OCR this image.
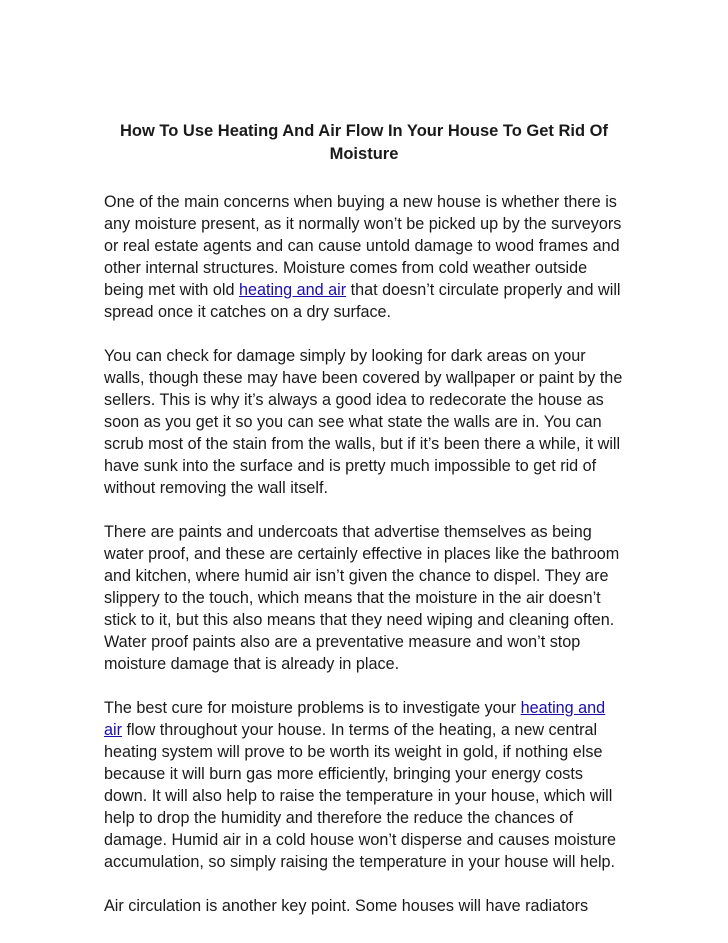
How To Use Heating And Air Flow In Your House To Get Rid Of Moisture

One of the main concerns when buying a new house is whether there is any moisture present, as it normally won’t be picked up by the surveyors or real estate agents and can cause untold damage to wood frames and other internal structures. Moisture comes from cold weather outside being met with old heating and air that doesn’t circulate properly and will spread once it catches on a dry surface.

You can check for damage simply by looking for dark areas on your walls, though these may have been covered by wallpaper or paint by the sellers. This is why it’s always a good idea to redecorate the house as soon as you get it so you can see what state the walls are in. You can scrub most of the stain from the walls, but if it’s been there a while, it will have sunk into the surface and is pretty much impossible to get rid of without removing the wall itself.

There are paints and undercoats that advertise themselves as being water proof, and these are certainly effective in places like the bathroom and kitchen, where humid air isn’t given the chance to dispel. They are slippery to the touch, which means that the moisture in the air doesn’t stick to it, but this also means that they need wiping and cleaning often. Water proof paints also are a preventative measure and won’t stop moisture damage that is already in place.

The best cure for moisture problems is to investigate your heating and air flow throughout your house. In terms of the heating, a new central heating system will prove to be worth its weight in gold, if nothing else because it will burn gas more efficiently, bringing your energy costs down. It will also help to raise the temperature in your house, which will help to drop the humidity and therefore the reduce the chances of damage. Humid air in a cold house won’t disperse and causes moisture accumulation, so simply raising the temperature in your house will help.

Air circulation is another key point. Some houses will have radiators
